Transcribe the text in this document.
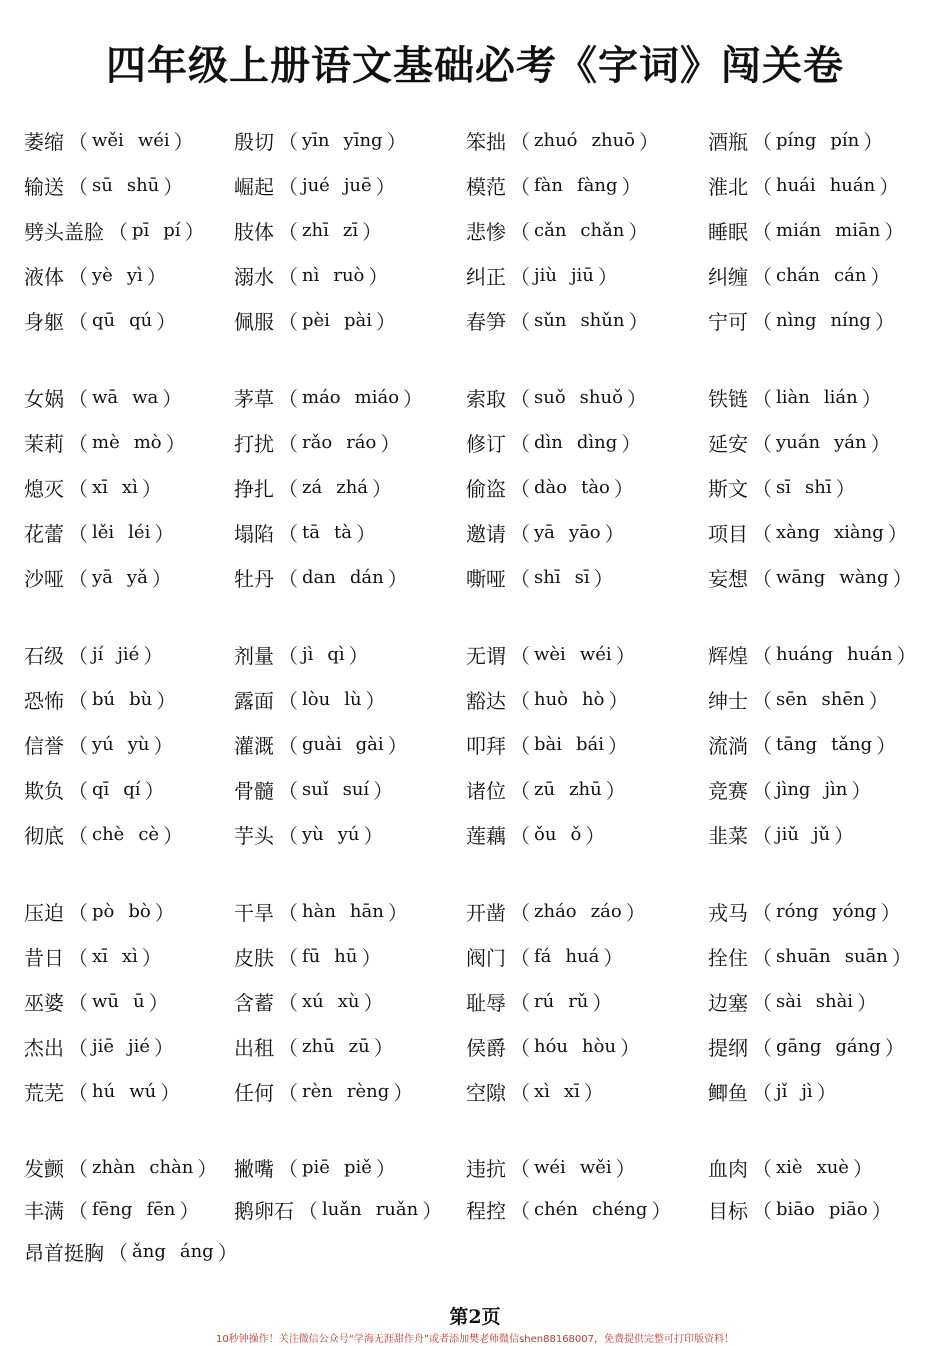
四年级上册语文基础必考《字词》闯关卷
萎缩 （ wěi wéi ） 殷切 （ yīn yīng ）	笨拙 （ zhuó zhuō ） 酒瓶 （ píng pín ）
输送 （ sū shū ）	崛起 （ jué juē ）	模范 （ fàn fàng ）	淮北 （ huái huán ）
劈头盖脸 （ pī pí ） 肢体 （ zhī zī ）	悲惨 （ cǎn chǎn ）	睡眠 （ mián miān ）
液体 （ yè yì ）	溺水 （ nì ruò ）	纠正 （ jiù jiū ）	纠缠 （ chán cán ）
身躯 （ qū qú ）	佩服 （ pèi pài ）	春笋 （ sǔn shǔn ）	宁可 （ nìng níng ）
女娲 （ wā wa ）	茅草 （ máo miáo ） 索取 （ suǒ shuǒ ）	铁链 （ liàn lián ）
茉莉 （ mè mò ） 打扰 （ rǎo ráo ）	修订 （ dìn dìng ）	延安 （ yuán yán ）
熄灭 （ xī xì ）	挣扎 （ zá zhá ）	偷盗 （ dào tào ）	斯文 （ sī shī ）
花蕾 （ lěi léi ）	塌陷 （ tā tà ）	邀请 （ yā yāo ）	项目 （ xàng xiàng ）
沙哑 （ yā yǎ ）	牡丹 （ dan dán ）	嘶哑 （ shī sī ）	妄想 （ wāng wàng ）
石级 （ jí jié ）	剂量 （ jì qì ）	无谓 （ wèi wéi ）	辉煌 （ huáng huán ）
恐怖 （ bú bù ）	露面 （ lòu lù ）	豁达 （ huò hò ）	绅士 （ sēn shēn ）
信誉 （ yú yù ）	灌溉 （ guài gài ）	叩拜 （ bài bái ）	流淌 （ tāng tǎng ）
欺负 （ qī qí ）	骨髓 （ suǐ suí ）	诸位 （ zū zhū ）	竞赛 （ jìng jìn ）
彻底 （ chè cè ）	芋头 （ yù yú ）	莲藕 （ ǒu ǒ ）	韭菜 （ jiǔ jǔ ）
压迫 （ pò bò ）	干旱 （ hàn hān ）	开凿 （ zháo záo ）	戎马 （ róng yóng ）
昔日 （ xī xì ）	皮肤 （ fū hū ）	阀门 （ fá huá ）	拴住 （ shuān suān ）
巫婆 （ wū ū ）	含蓄 （ xú xù ）	耻辱 （ rú rǔ ）	边塞 （ sài shài ）
杰出 （ jiē jié ）	出租 （ zhū zū ）	侯爵 （ hóu hòu ）	提纲 （ gāng gáng ）
荒芜 （ hú wú ）	任何 （ rèn rèng ）	空隙 （ xì xī ）	鲫鱼 （ jǐ jì ）
发颤 （ zhàn chàn ） 撇嘴 （ piē piě ）	违抗 （ wéi wěi ）	血肉 （ xiè xuè ）
丰满 （ fēng fēn ） 鹅卵石 （ luǎn ruǎn ） 程控 （ chén chéng ） 目标 （ biāo piāo ）
昂首挺胸 （ ǎng áng ）
第2页
10秒钟操作！关注微信公众号“学海无涯甜作舟”或者添加樊老师微信shen88168007，免费提供完整可打印版资料！
